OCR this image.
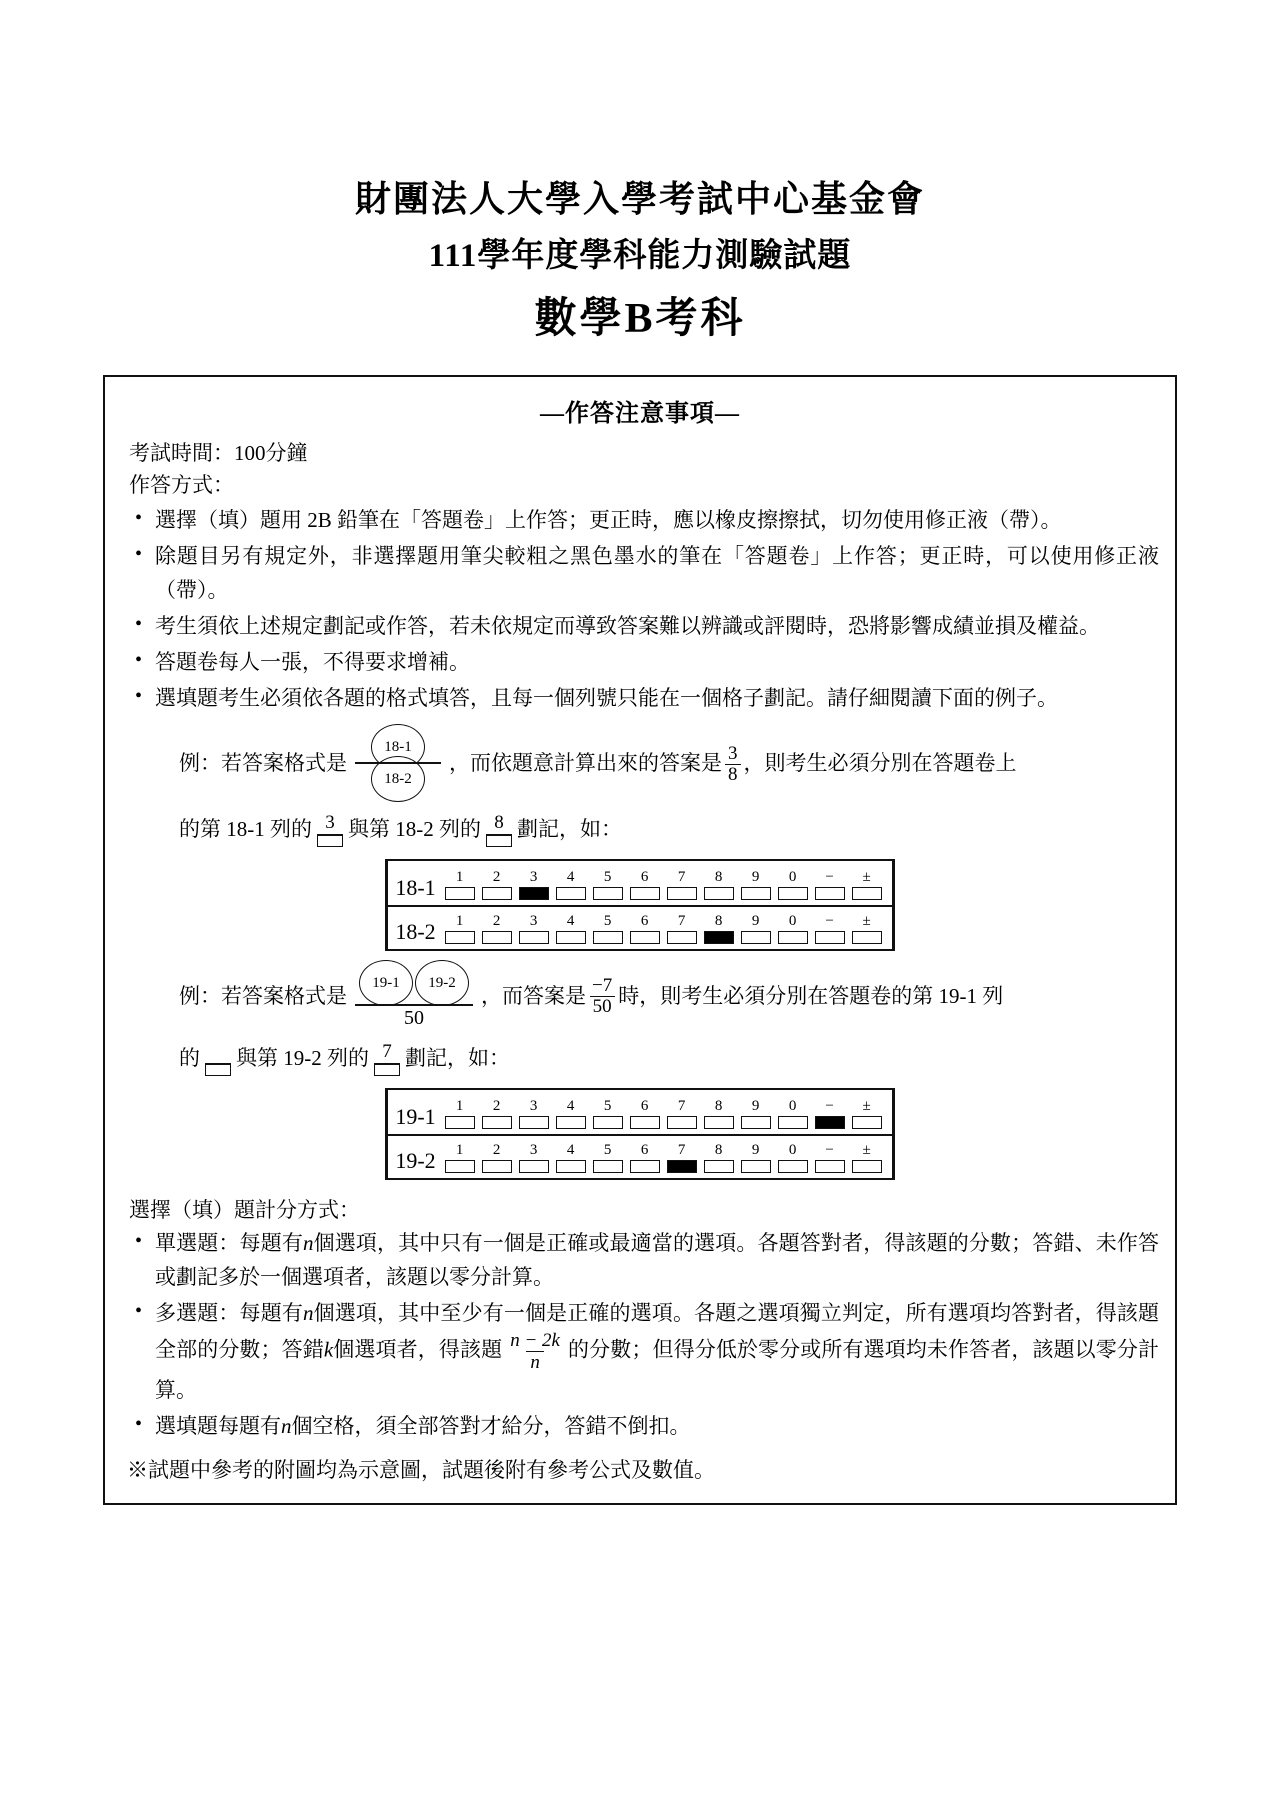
財團法人大學入學考試中心基金會
111學年度學科能力測驗試題
數學B考科
—作答注意事項—
考試時間：100分鐘
作答方式：
• 選擇（填）題用 2B 鉛筆在「答題卷」上作答；更正時，應以橡皮擦擦拭，切勿使用修正液（帶）。
• 除題目另有規定外，非選擇題用筆尖較粗之黑色墨水的筆在「答題卷」上作答；更正時，可以使用修正液（帶）。
• 考生須依上述規定劃記或作答，若未依規定而導致答案難以辨識或評閱時，恐將影響成績並損及權益。
• 答題卷每人一張，不得要求增補。
• 選填題考生必須依各題的格式填答，且每一個列號只能在一個格子劃記。請仔細閱讀下面的例子。
例：若答案格式是
18-1
18-2
，而依題意計算出來的答案是 $\frac{3}{8}$ ，則考生必須分別在答題卷上
的第 18-1 列的 3 與第 18-2 列的 8 劃記，如：
18-1 1 2 3 4 5 6 7 8 9 0 − ±
18-2 1 2 3 4 5 6 7 8 9 0 − ±
例：若答案格式是 19-1	19-2
50 ，而答案是 $\frac{-7}{50}$ 時，則考生必須分別在答題卷的第 19-1 列
的
與第 19-2 列的 7 劃記，如：
19-1 1 2 3 4 5 6 7 8 9 0 − ±
19-2 1 2 3 4 5 6 7 8 9 0 − ±
選擇（填）題計分方式：
• 單選題：每題有n個選項，其中只有一個是正確或最適當的選項。各題答對者，得該題的分數；答錯、未作答或劃記多於一個選項者，該題以零分計算。
• 多選題：每題有n個選項，其中至少有一個是正確的選項。各題之選項獨立判定，所有選項均答對者，得該題全部的分數；答錯k個選項者，得該題 $\frac{n - 2k}{n}$ 的分數；但得分低於零分或所有選項均未作答者，該題以零分計算。
• 選填題每題有n個空格，須全部答對才給分，答錯不倒扣。
※試題中參考的附圖均為示意圖，試題後附有參考公式及數值。
